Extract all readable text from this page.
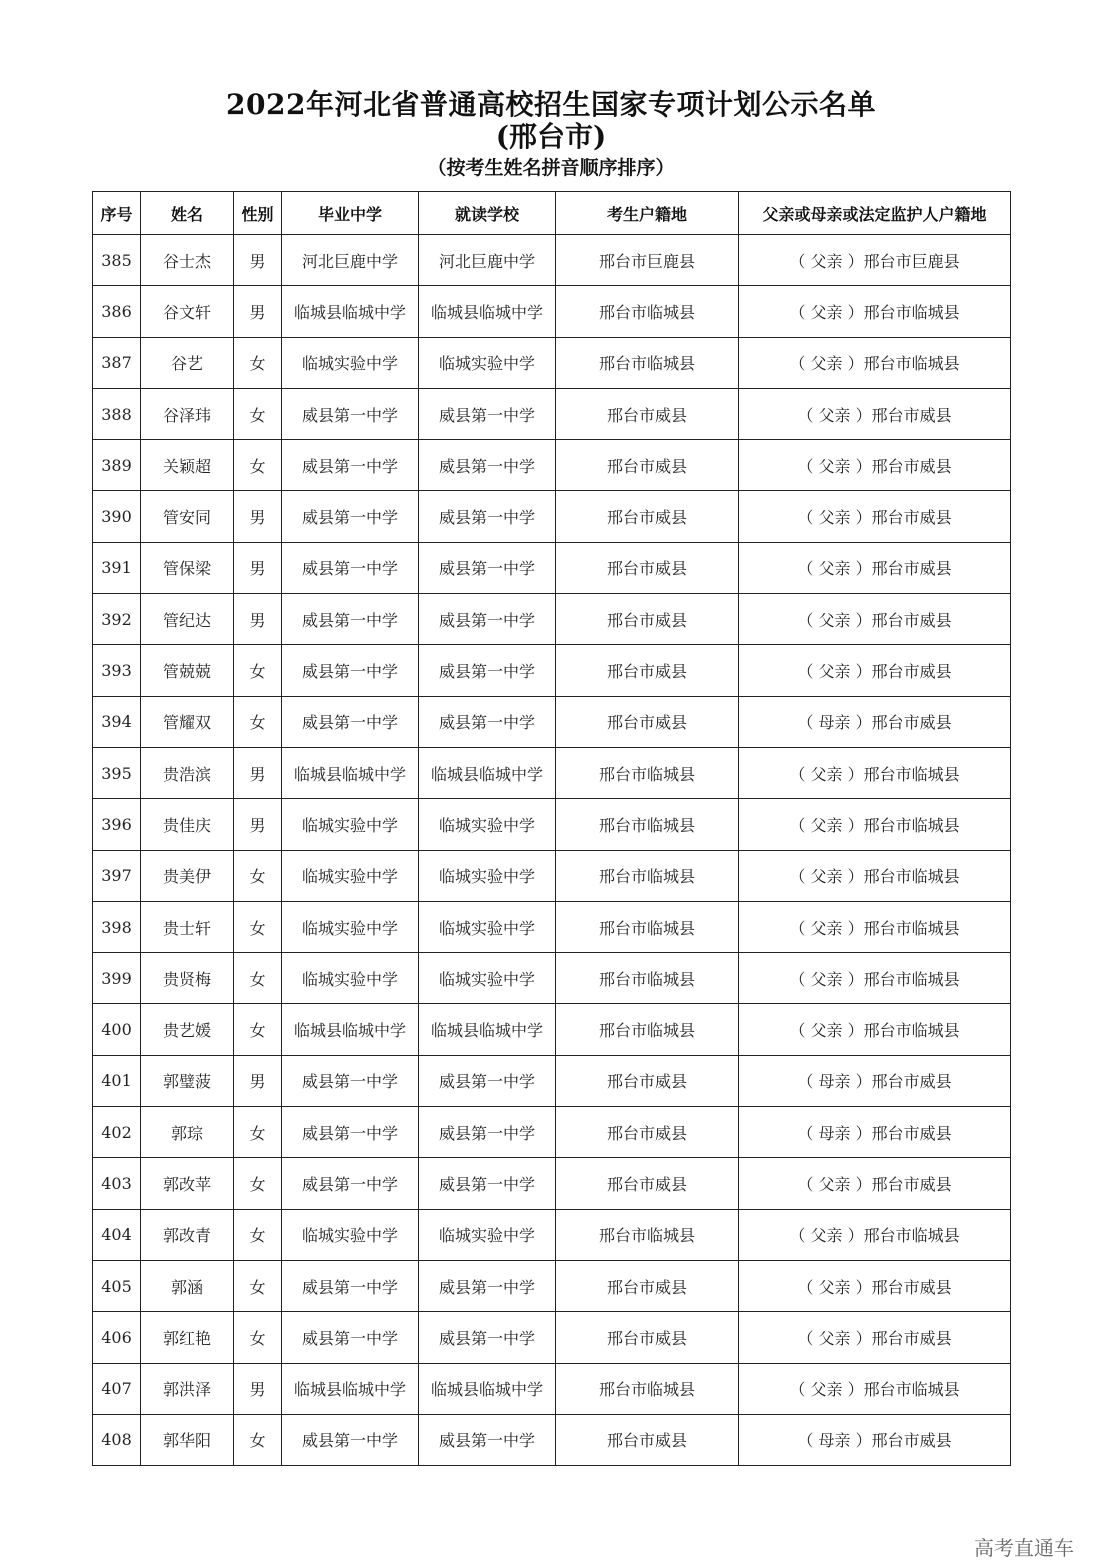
2022年河北省普通高校招生国家专项计划公示名单
(邢台市)
（按考生姓名拼音顺序排序）
序号	姓名	性别	毕业中学	就读学校	考生户籍地	父亲或母亲或法定监护人户籍地
385	谷士杰	男	河北巨鹿中学	河北巨鹿中学	邢台市巨鹿县	（ 父亲 ）邢台市巨鹿县
386	谷文轩	男	临城县临城中学	临城县临城中学	邢台市临城县	（ 父亲 ）邢台市临城县
387	谷艺	女	临城实验中学	临城实验中学	邢台市临城县	（ 父亲 ）邢台市临城县
388	谷泽玮	女	威县第一中学	威县第一中学	邢台市威县	（ 父亲 ）邢台市威县
389	关颖超	女	威县第一中学	威县第一中学	邢台市威县	（ 父亲 ）邢台市威县
390	管安同	男	威县第一中学	威县第一中学	邢台市威县	（ 父亲 ）邢台市威县
391	管保梁	男	威县第一中学	威县第一中学	邢台市威县	（ 父亲 ）邢台市威县
392	管纪达	男	威县第一中学	威县第一中学	邢台市威县	（ 父亲 ）邢台市威县
393	管兢兢	女	威县第一中学	威县第一中学	邢台市威县	（ 父亲 ）邢台市威县
394	管耀双	女	威县第一中学	威县第一中学	邢台市威县	（ 母亲 ）邢台市威县
395	贵浩滨	男	临城县临城中学	临城县临城中学	邢台市临城县	（ 父亲 ）邢台市临城县
396	贵佳庆	男	临城实验中学	临城实验中学	邢台市临城县	（ 父亲 ）邢台市临城县
397	贵美伊	女	临城实验中学	临城实验中学	邢台市临城县	（ 父亲 ）邢台市临城县
398	贵士轩	女	临城实验中学	临城实验中学	邢台市临城县	（ 父亲 ）邢台市临城县
399	贵贤梅	女	临城实验中学	临城实验中学	邢台市临城县	（ 父亲 ）邢台市临城县
400	贵艺媛	女	临城县临城中学	临城县临城中学	邢台市临城县	（ 父亲 ）邢台市临城县
401	郭璧菠	男	威县第一中学	威县第一中学	邢台市威县	（ 母亲 ）邢台市威县
402	郭琮	女	威县第一中学	威县第一中学	邢台市威县	（ 母亲 ）邢台市威县
403	郭改苹	女	威县第一中学	威县第一中学	邢台市威县	（ 父亲 ）邢台市威县
404	郭改青	女	临城实验中学	临城实验中学	邢台市临城县	（ 父亲 ）邢台市临城县
405	郭涵	女	威县第一中学	威县第一中学	邢台市威县	（ 父亲 ）邢台市威县
406	郭红艳	女	威县第一中学	威县第一中学	邢台市威县	（ 父亲 ）邢台市威县
407	郭洪泽	男	临城县临城中学	临城县临城中学	邢台市临城县	（ 父亲 ）邢台市临城县
408	郭华阳	女	威县第一中学	威县第一中学	邢台市威县	（ 母亲 ）邢台市威县
高考直通车
